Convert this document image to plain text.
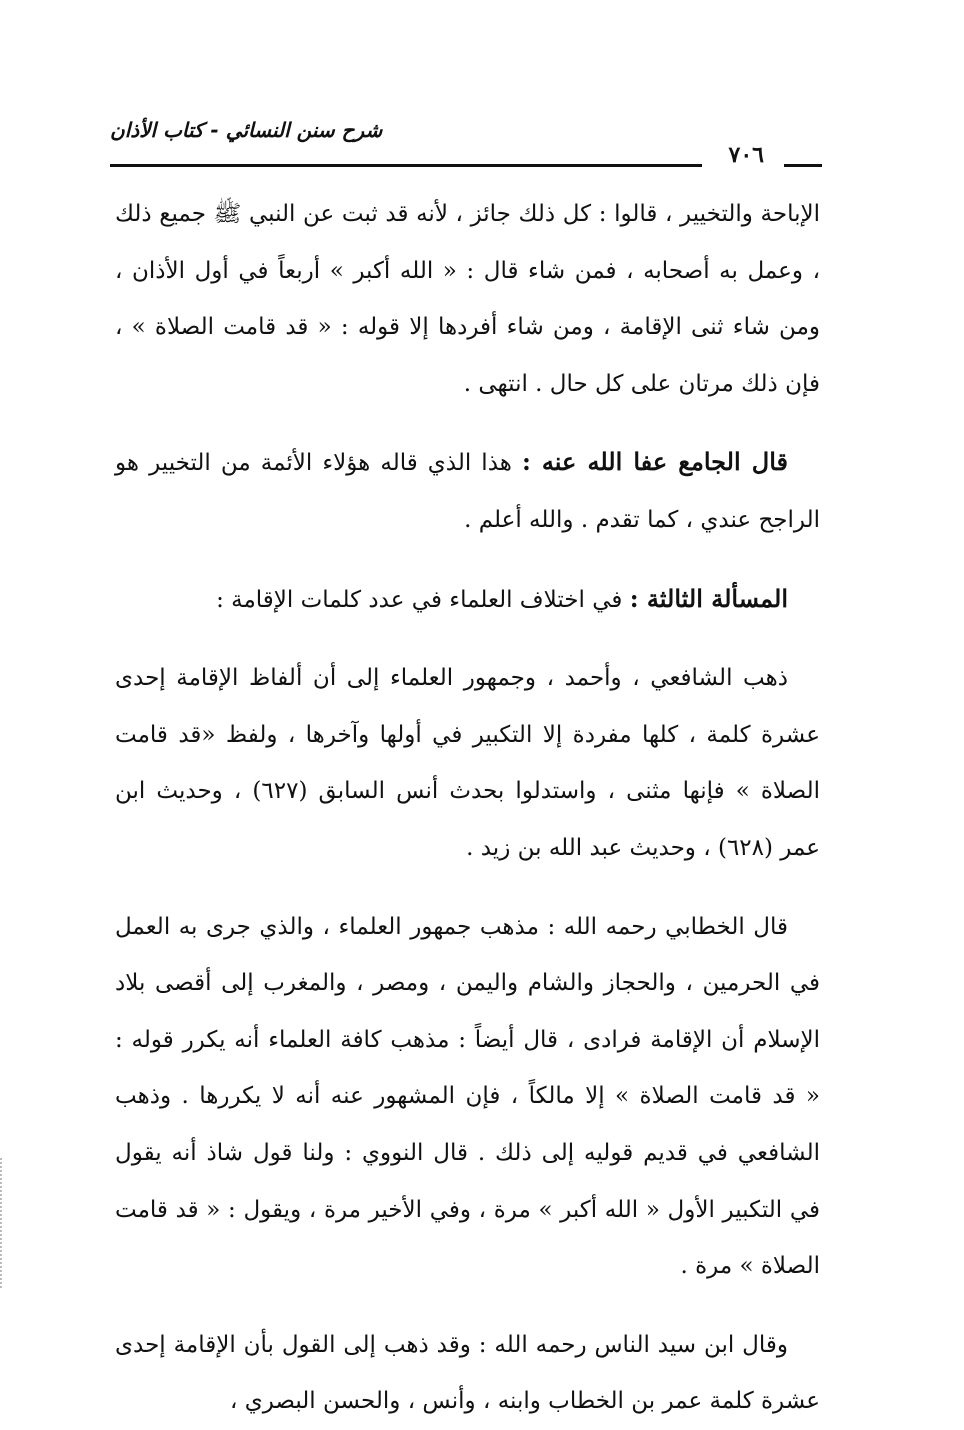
شرح سنن النسائي - كتاب الأذان
٧٠٦

الإباحة والتخيير ، قالوا : كل ذلك جائز ، لأنه قد ثبت عن النبي ﷺ جميع ذلك ، وعمل به أصحابه ، فمن شاء قال : « الله أكبر » أربعاً في أول الأذان ، ومن شاء ثنى الإقامة ، ومن شاء أفردها إلا قوله : « قد قامت الصلاة » ، فإن ذلك مرتان على كل حال . انتهى .

قال الجامع عفا الله عنه : هذا الذي قاله هؤلاء الأئمة من التخيير هو الراجح عندي ، كما تقدم . والله أعلم .

المسألة الثالثة : في اختلاف العلماء في عدد كلمات الإقامة :

ذهب الشافعي ، وأحمد ، وجمهور العلماء إلى أن ألفاظ الإقامة إحدى عشرة كلمة ، كلها مفردة إلا التكبير في أولها وآخرها ، ولفظ «قد قامت الصلاة » فإنها مثنى ، واستدلوا بحدث أنس السابق (٦٢٧) ، وحديث ابن عمر (٦٢٨) ، وحديث عبد الله بن زيد .

قال الخطابي رحمه الله : مذهب جمهور العلماء ، والذي جرى به العمل في الحرمين ، والحجاز والشام واليمن ، ومصر ، والمغرب إلى أقصى بلاد الإسلام أن الإقامة فرادى ، قال أيضاً : مذهب كافة العلماء أنه يكرر قوله : « قد قامت الصلاة » إلا مالكاً ، فإن المشهور عنه أنه لا يكررها . وذهب الشافعي في قديم قوليه إلى ذلك . قال النووي : ولنا قول شاذ أنه يقول في التكبير الأول « الله أكبر » مرة ، وفي الأخير مرة ، ويقول : « قد قامت الصلاة » مرة .

وقال ابن سيد الناس رحمه الله : وقد ذهب إلى القول بأن الإقامة إحدى عشرة كلمة عمر بن الخطاب وابنه ، وأنس ، والحسن البصري ،
